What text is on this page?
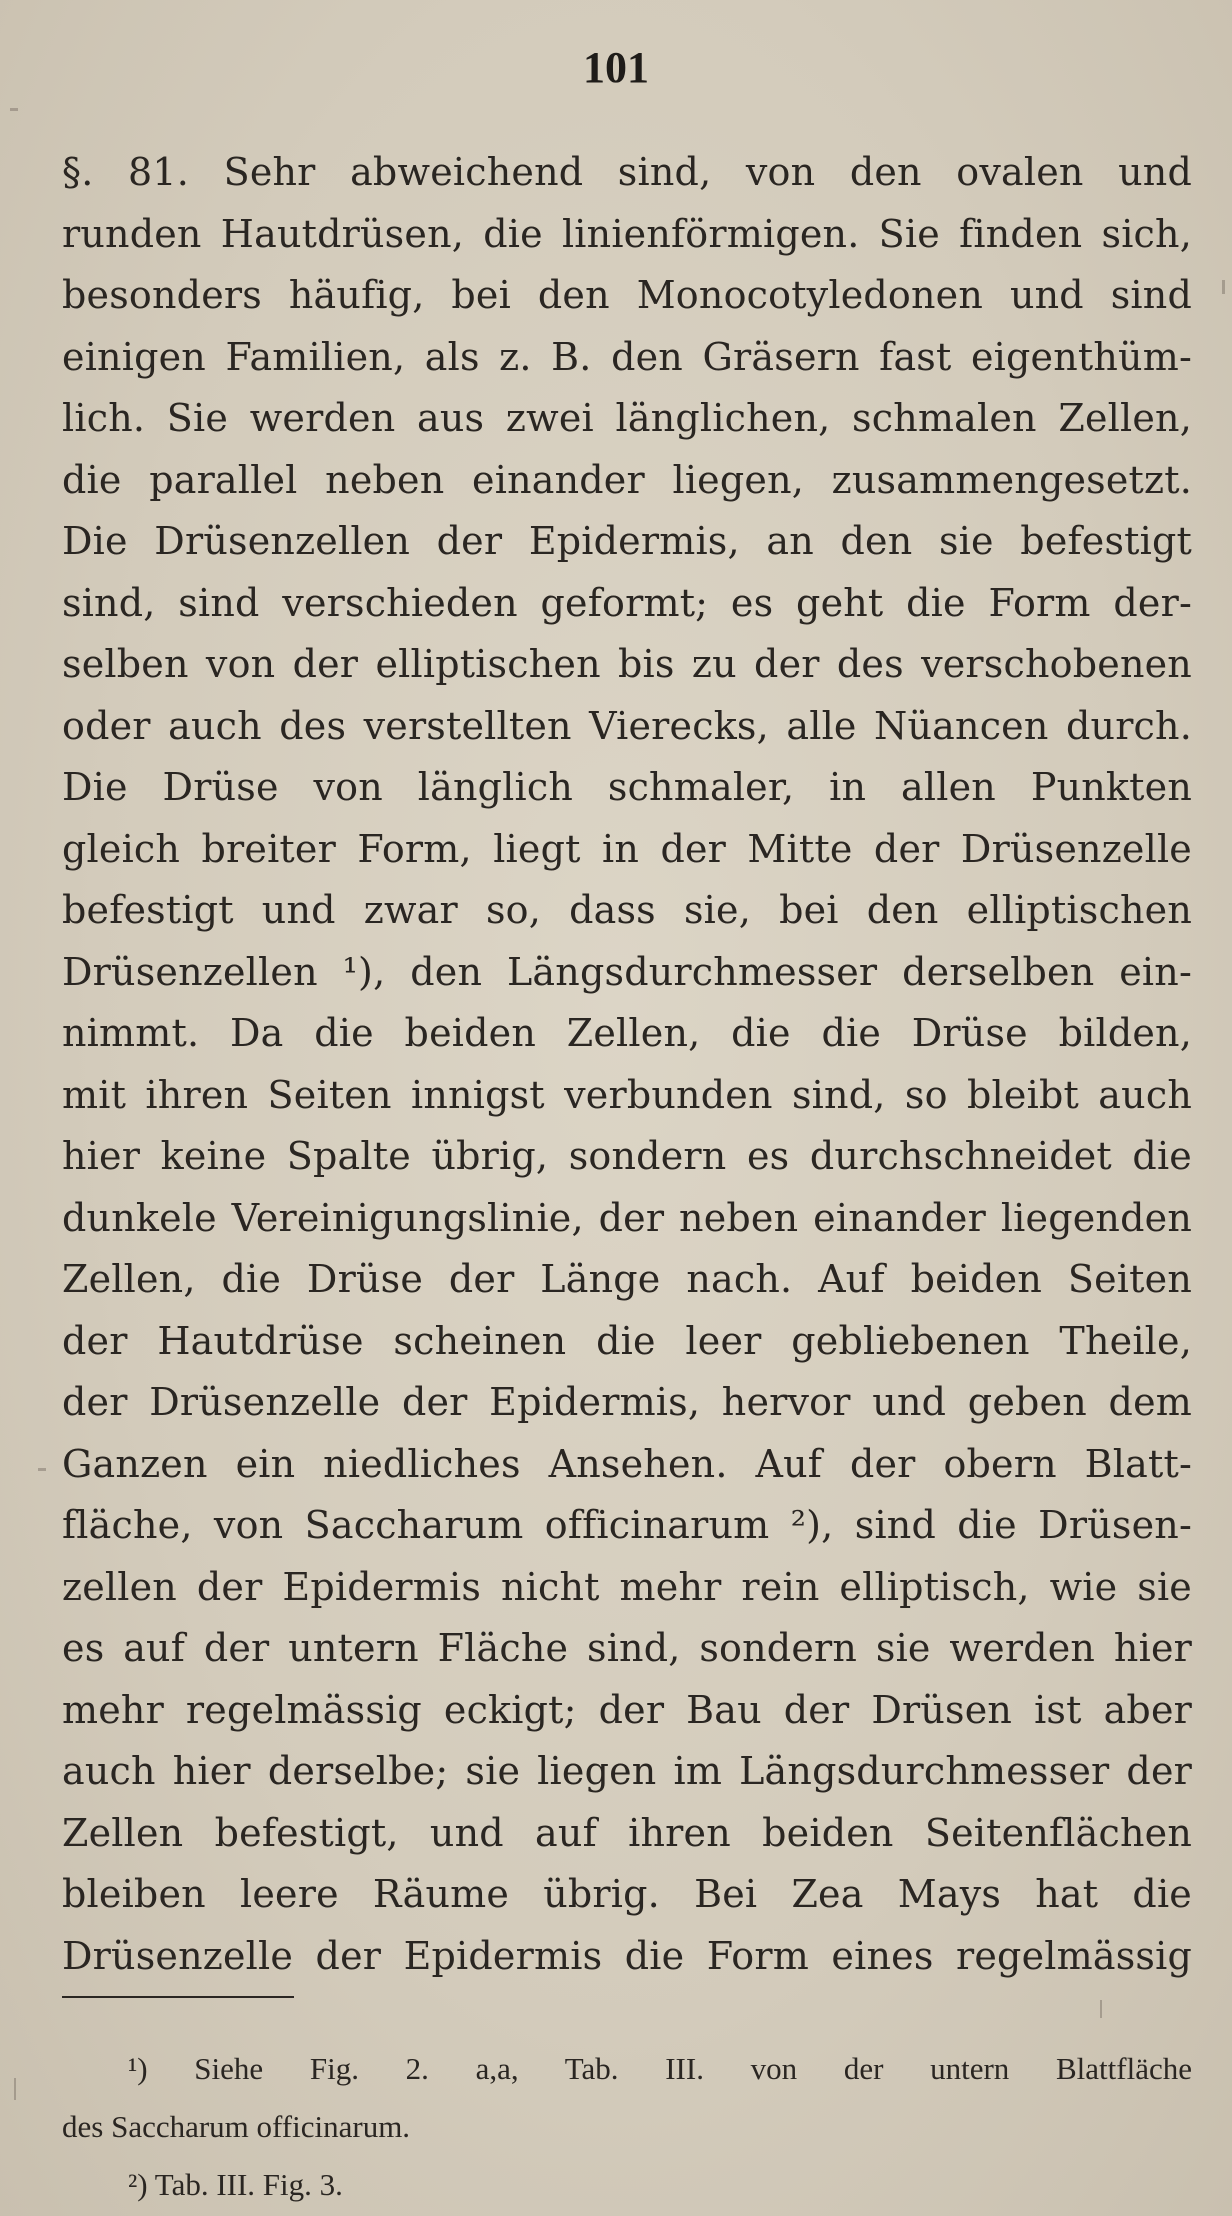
101
§. 81. Sehr abweichend sind, von den ovalen und
runden Hautdrüsen, die linienförmigen. Sie finden sich,
besonders häufig, bei den Monocotyledonen und sind
einigen Familien, als z. B. den Gräsern fast eigenthüm-
lich. Sie werden aus zwei länglichen, schmalen Zellen,
die parallel neben einander liegen, zusammengesetzt.
Die Drüsenzellen der Epidermis, an den sie befestigt
sind, sind verschieden geformt; es geht die Form der-
selben von der elliptischen bis zu der des verschobenen
oder auch des verstellten Vierecks, alle Nüancen durch.
Die Drüse von länglich schmaler, in allen Punkten
gleich breiter Form, liegt in der Mitte der Drüsenzelle
befestigt und zwar so, dass sie, bei den elliptischen
Drüsenzellen ¹), den Längsdurchmesser derselben ein-
nimmt. Da die beiden Zellen, die die Drüse bilden,
mit ihren Seiten innigst verbunden sind, so bleibt auch
hier keine Spalte übrig, sondern es durchschneidet die
dunkele Vereinigungslinie, der neben einander liegenden
Zellen, die Drüse der Länge nach. Auf beiden Seiten
der Hautdrüse scheinen die leer gebliebenen Theile,
der Drüsenzelle der Epidermis, hervor und geben dem
Ganzen ein niedliches Ansehen. Auf der obern Blatt-
fläche, von Saccharum officinarum ²), sind die Drüsen-
zellen der Epidermis nicht mehr rein elliptisch, wie sie
es auf der untern Fläche sind, sondern sie werden hier
mehr regelmässig eckigt; der Bau der Drüsen ist aber
auch hier derselbe; sie liegen im Längsdurchmesser der
Zellen befestigt, und auf ihren beiden Seitenflächen
bleiben leere Räume übrig. Bei Zea Mays hat die
Drüsenzelle der Epidermis die Form eines regelmässig
¹) Siehe Fig. 2. a,a, Tab. III. von der untern Blattfläche
des Saccharum officinarum.
²) Tab. III. Fig. 3.
